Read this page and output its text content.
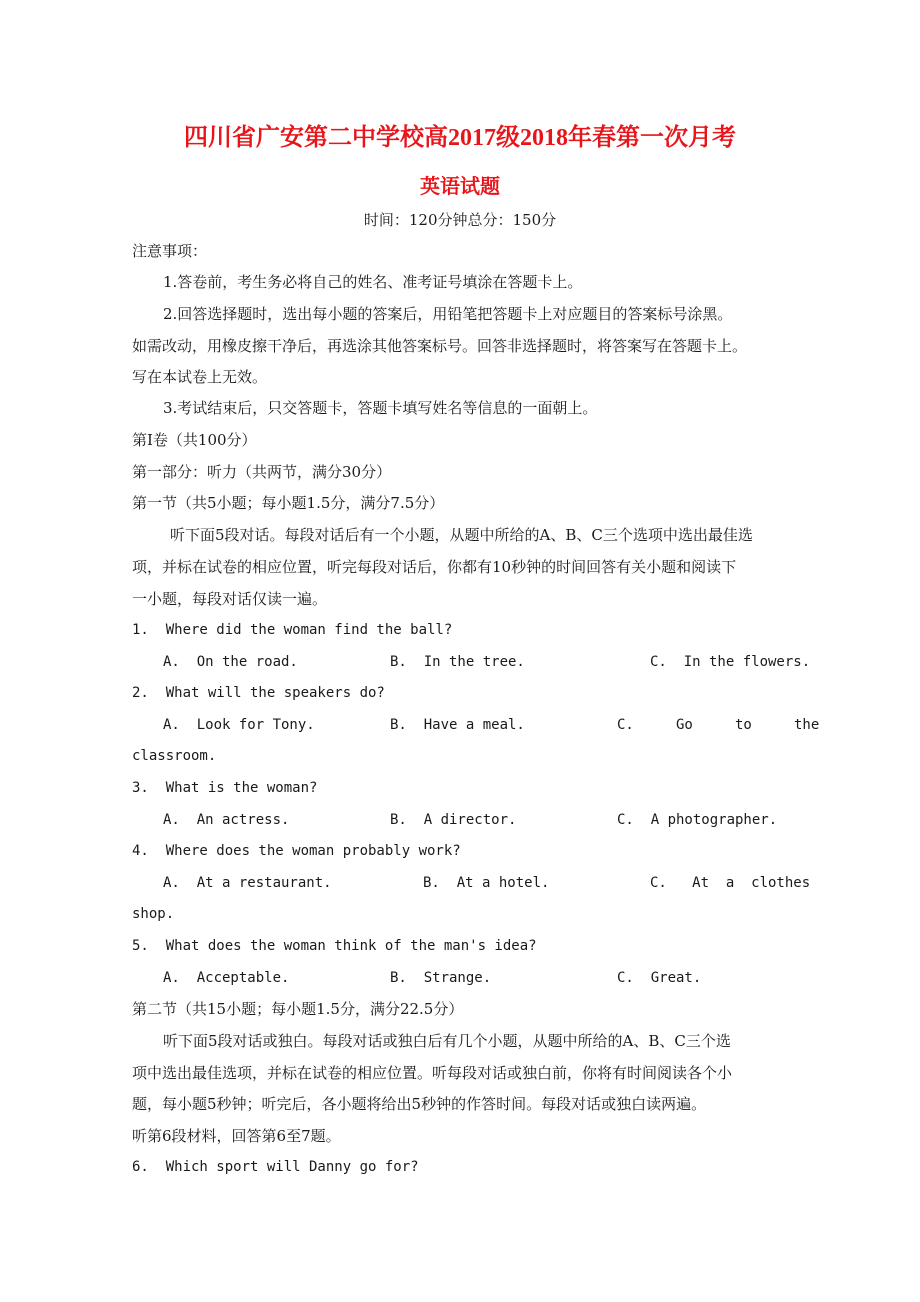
四川省广安第二中学校高2017级2018年春第一次月考
英语试题
时间：120分钟总分：150分
注意事项：
1.答卷前，考生务必将自己的姓名、准考证号填涂在答题卡上。
2.回答选择题时，选出每小题的答案后，用铅笔把答题卡上对应题目的答案标号涂黑。
如需改动，用橡皮擦干净后，再选涂其他答案标号。回答非选择题时，将答案写在答题卡上。
写在本试卷上无效。
3.考试结束后，只交答题卡，答题卡填写姓名等信息的一面朝上。
第Ⅰ卷（共100分）
第一部分：听力（共两节，满分30分）
第一节（共5小题；每小题1.5分，满分7.5分）
听下面5段对话。每段对话后有一个小题，从题中所给的A、B、C三个选项中选出最佳选
项，并标在试卷的相应位置，听完每段对话后，你都有10秒钟的时间回答有关小题和阅读下
一小题，每段对话仅读一遍。
1.  Where did the woman find the ball?
A.  On the road.	B.  In the tree.	C.  In the flowers.
2.  What will the speakers do?
A.  Look for Tony.	B.  Have a meal.	C.     Go     to     the
classroom.
3.  What is the woman?
A.  An actress.	B.  A director.	C.  A photographer.
4.  Where does the woman probably work?
A.  At a restaurant.	B.  At a hotel.	C.   At  a  clothes
shop.
5.  What does the woman think of the man's idea?
A.  Acceptable.	B.  Strange.	C.  Great.
第二节（共15小题；每小题1.5分，满分22.5分）
听下面5段对话或独白。每段对话或独白后有几个小题，从题中所给的A、B、C三个选
项中选出最佳选项，并标在试卷的相应位置。听每段对话或独白前，你将有时间阅读各个小
题，每小题5秒钟；听完后，各小题将给出5秒钟的作答时间。每段对话或独白读两遍。
听第6段材料，回答第6至7题。
6.  Which sport will Danny go for?
